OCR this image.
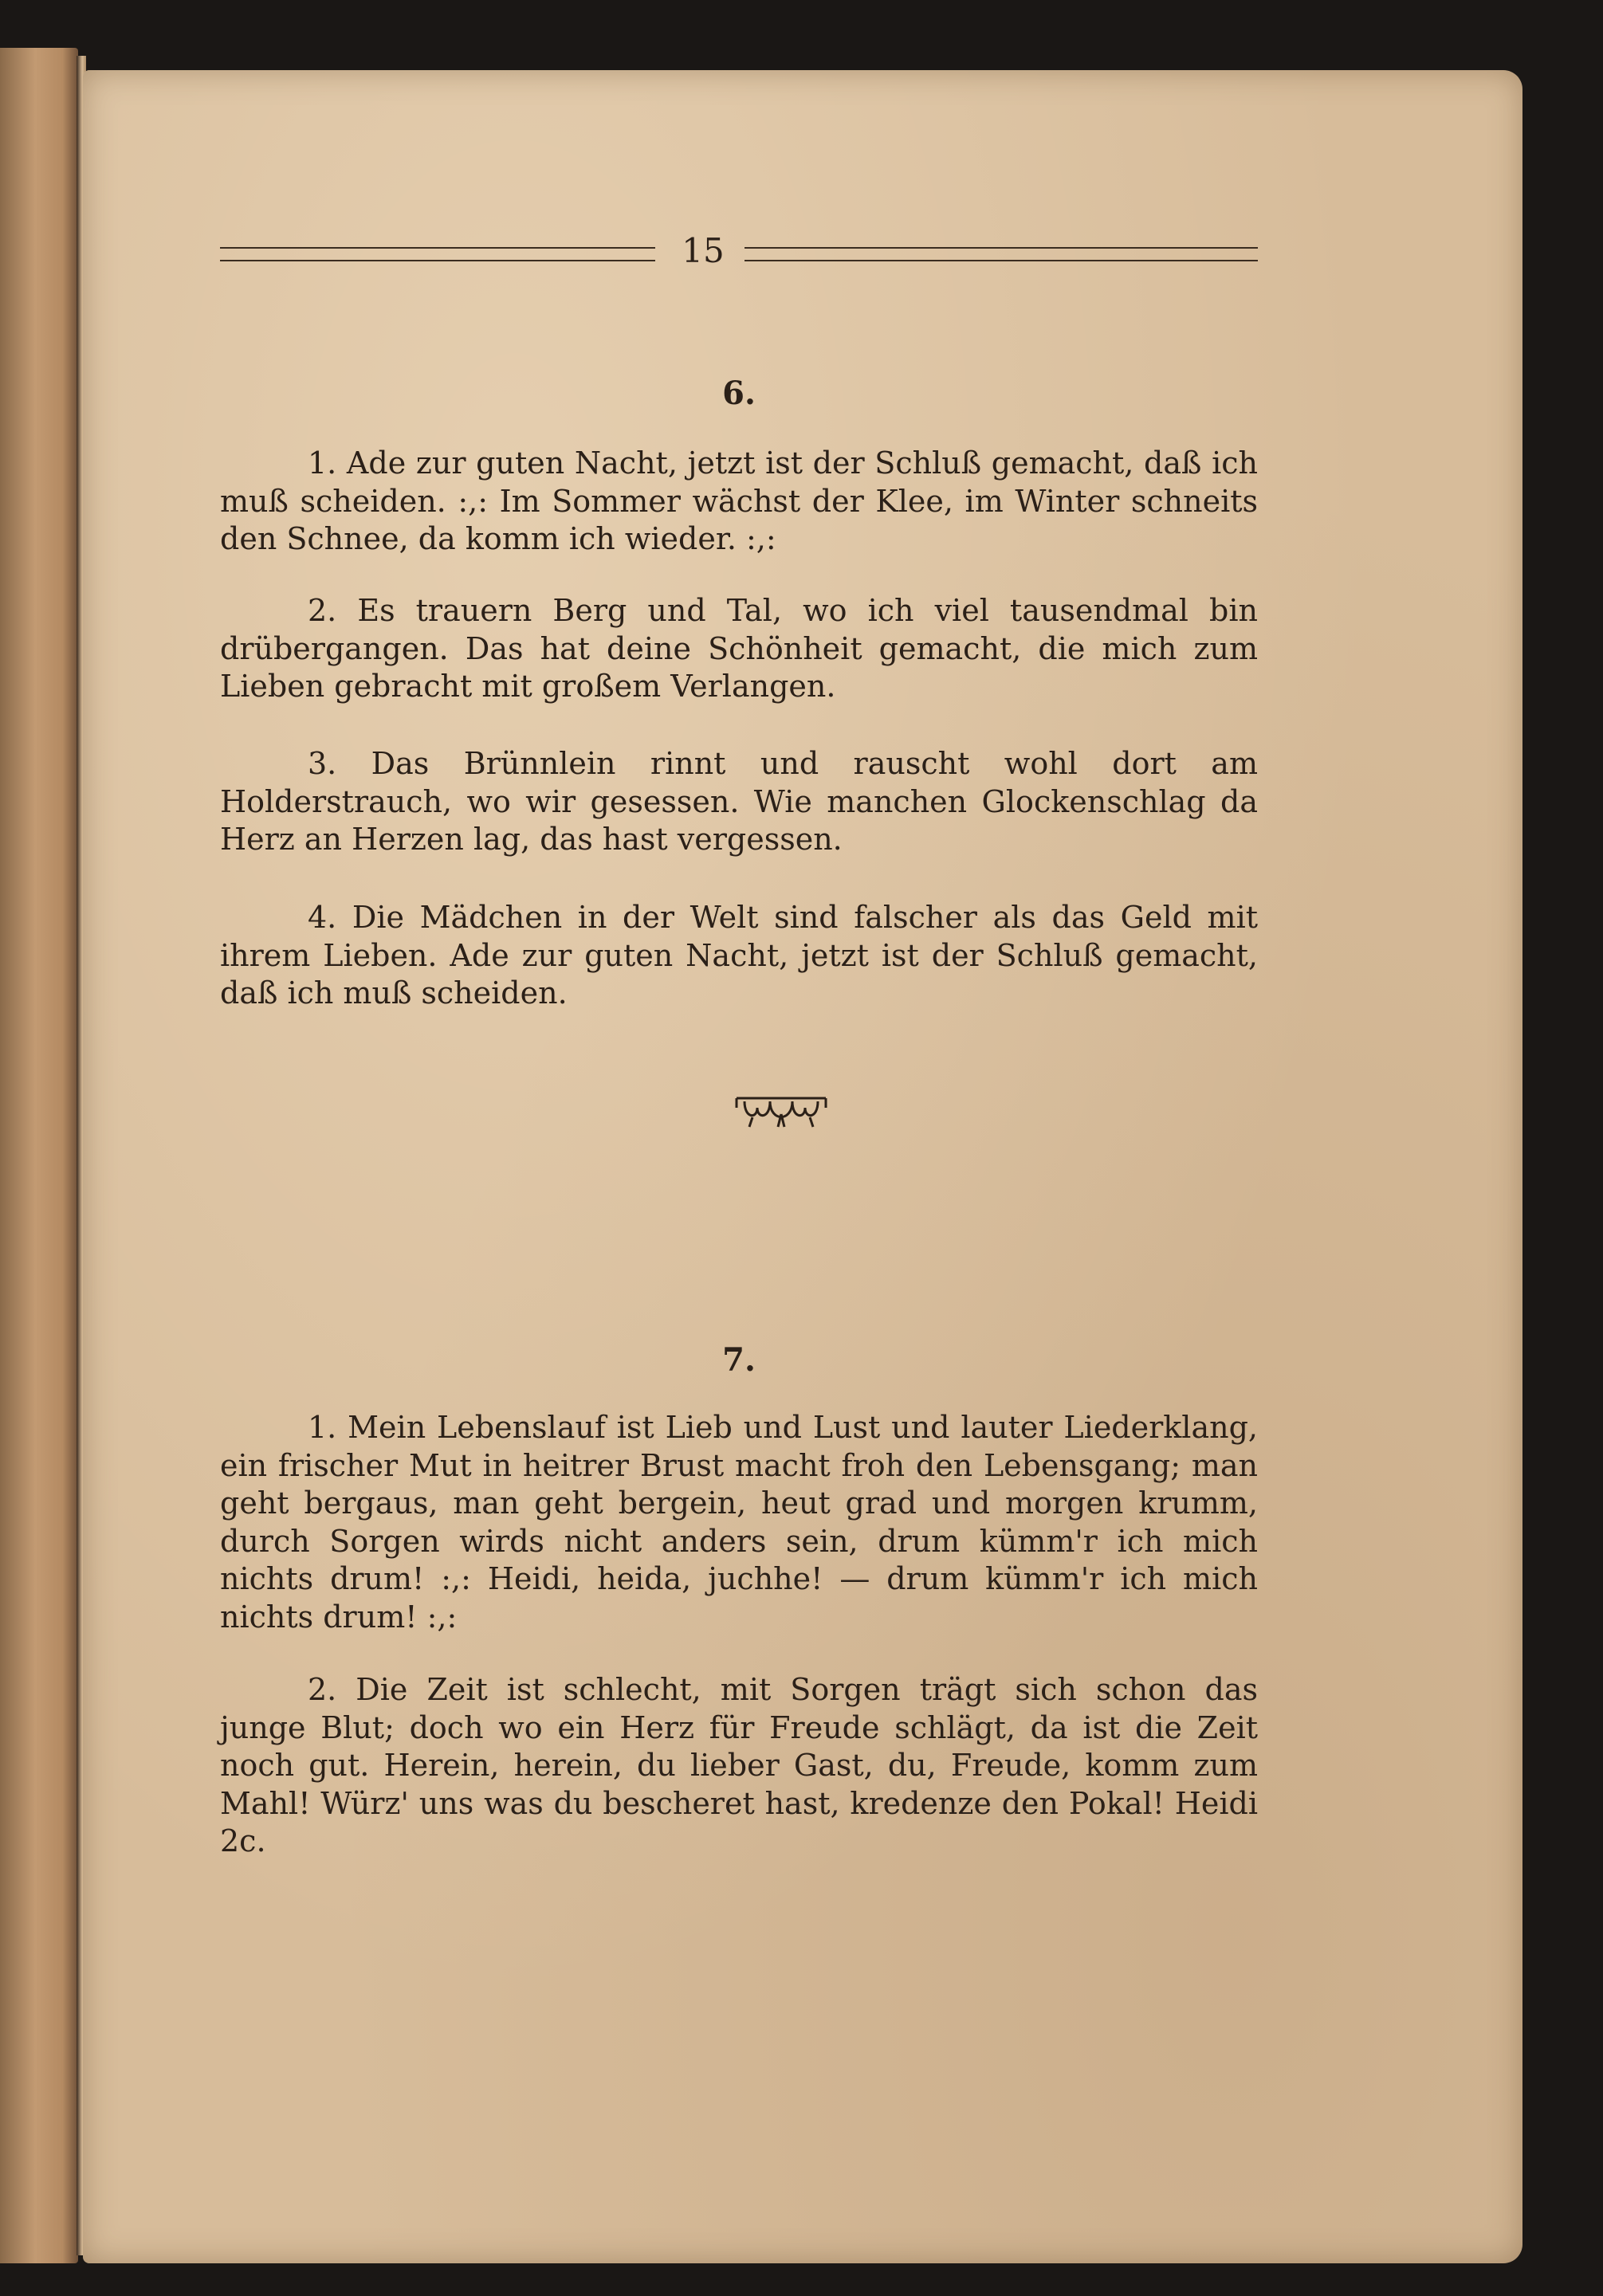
15
6.
1. Ade zur guten Nacht, jetzt ist der Schluß gemacht, daß ich muß scheiden. :,: Im Sommer wächst der Klee, im Winter schneits den Schnee, da komm ich wieder. :,:
2. Es trauern Berg und Tal, wo ich viel tausendmal bin drübergangen. Das hat deine Schönheit gemacht, die mich zum Lieben gebracht mit großem Verlangen.
3. Das Brünnlein rinnt und rauscht wohl dort am Holderstrauch, wo wir gesessen. Wie manchen Glockenschlag da Herz an Herzen lag, das hast vergessen.
4. Die Mädchen in der Welt sind falscher als das Geld mit ihrem Lieben. Ade zur guten Nacht, jetzt ist der Schluß gemacht, daß ich muß scheiden.
7.
1. Mein Lebenslauf ist Lieb und Lust und lauter Liederklang, ein frischer Mut in heitrer Brust macht froh den Lebensgang; man geht bergaus, man geht bergein, heut grad und morgen krumm, durch Sorgen wirds nicht anders sein, drum kümm'r ich mich nichts drum! :,: Heidi, heida, juchhe! — drum kümm'r ich mich nichts drum! :,:
2. Die Zeit ist schlecht, mit Sorgen trägt sich schon das junge Blut; doch wo ein Herz für Freude schlägt, da ist die Zeit noch gut. Herein, herein, du lieber Gast, du, Freude, komm zum Mahl! Würz' uns was du bescheret hast, kredenze den Pokal! Heidi 2c.
